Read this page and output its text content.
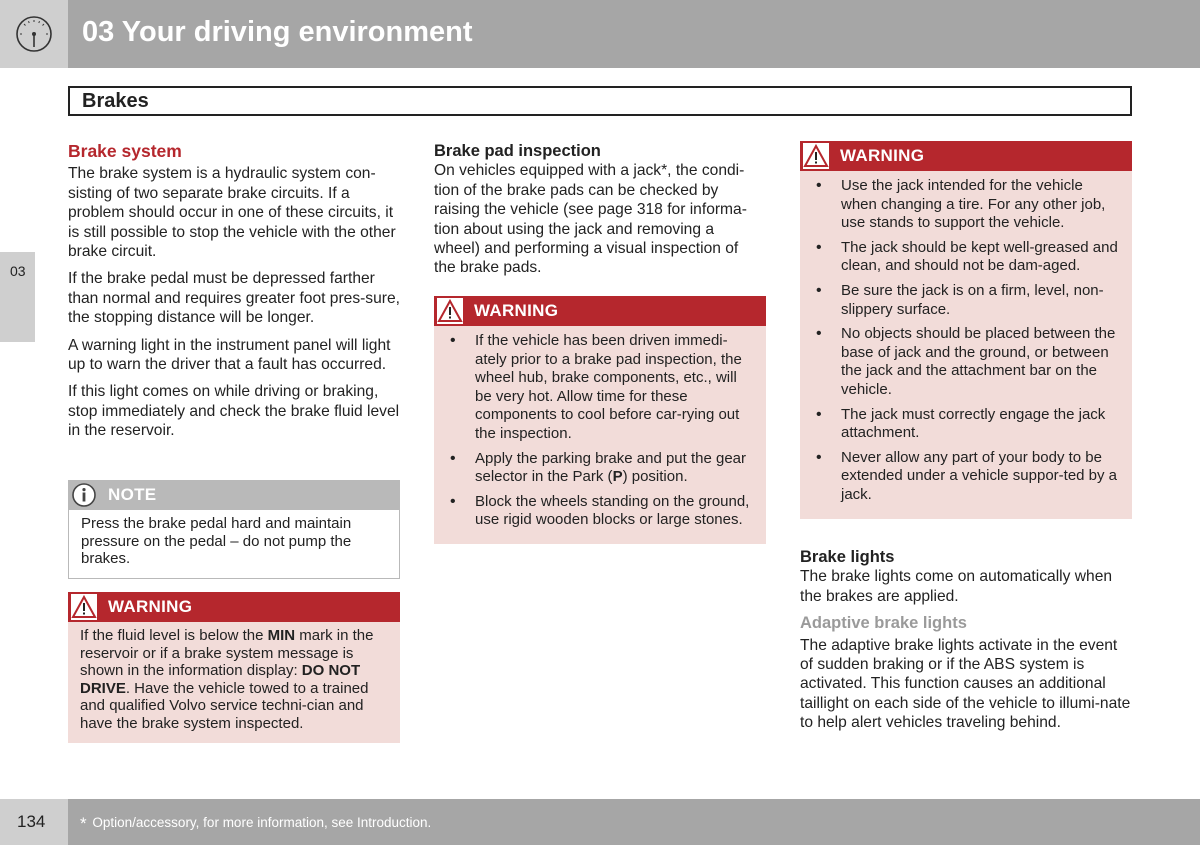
03 Your driving environment
Brakes
03
Brake system

The brake system is a hydraulic system con-sisting of two separate brake circuits. If a problem should occur in one of these circuits, it is still possible to stop the vehicle with the other brake circuit.

If the brake pedal must be depressed farther than normal and requires greater foot pres-sure, the stopping distance will be longer.

A warning light in the instrument panel will light up to warn the driver that a fault has occurred.

If this light comes on while driving or braking, stop immediately and check the brake fluid level in the reservoir.

NOTE
Press the brake pedal hard and maintain pressure on the pedal – do not pump the brakes.
WARNING
If the fluid level is below the MIN mark in the reservoir or if a brake system message is shown in the information display: DO NOT DRIVE. Have the vehicle towed to a trained and qualified Volvo service techni-cian and have the brake system inspected.
Brake pad inspection

On vehicles equipped with a jack*, the condi-tion of the brake pads can be checked by raising the vehicle (see page 318 for informa-tion about using the jack and removing a wheel) and performing a visual inspection of the brake pads.

WARNING
• If the vehicle has been driven immedi-ately prior to a brake pad inspection, the wheel hub, brake components, etc., will be very hot. Allow time for these components to cool before car-rying out the inspection.
• Apply the parking brake and put the gear selector in the Park (P) position.
• Block the wheels standing on the ground, use rigid wooden blocks or large stones.
WARNING
• Use the jack intended for the vehicle when changing a tire. For any other job, use stands to support the vehicle.
• The jack should be kept well-greased and clean, and should not be dam-aged.
• Be sure the jack is on a firm, level, non-slippery surface.
• No objects should be placed between the base of jack and the ground, or between the jack and the attachment bar on the vehicle.
• The jack must correctly engage the jack attachment.
• Never allow any part of your body to be extended under a vehicle suppor-ted by a jack.
Brake lights

The brake lights come on automatically when the brakes are applied.

Adaptive brake lights

The adaptive brake lights activate in the event of sudden braking or if the ABS system is activated. This function causes an additional taillight on each side of the vehicle to illumi-nate to help alert vehicles traveling behind.

134 * Option/accessory, for more information, see Introduction.
